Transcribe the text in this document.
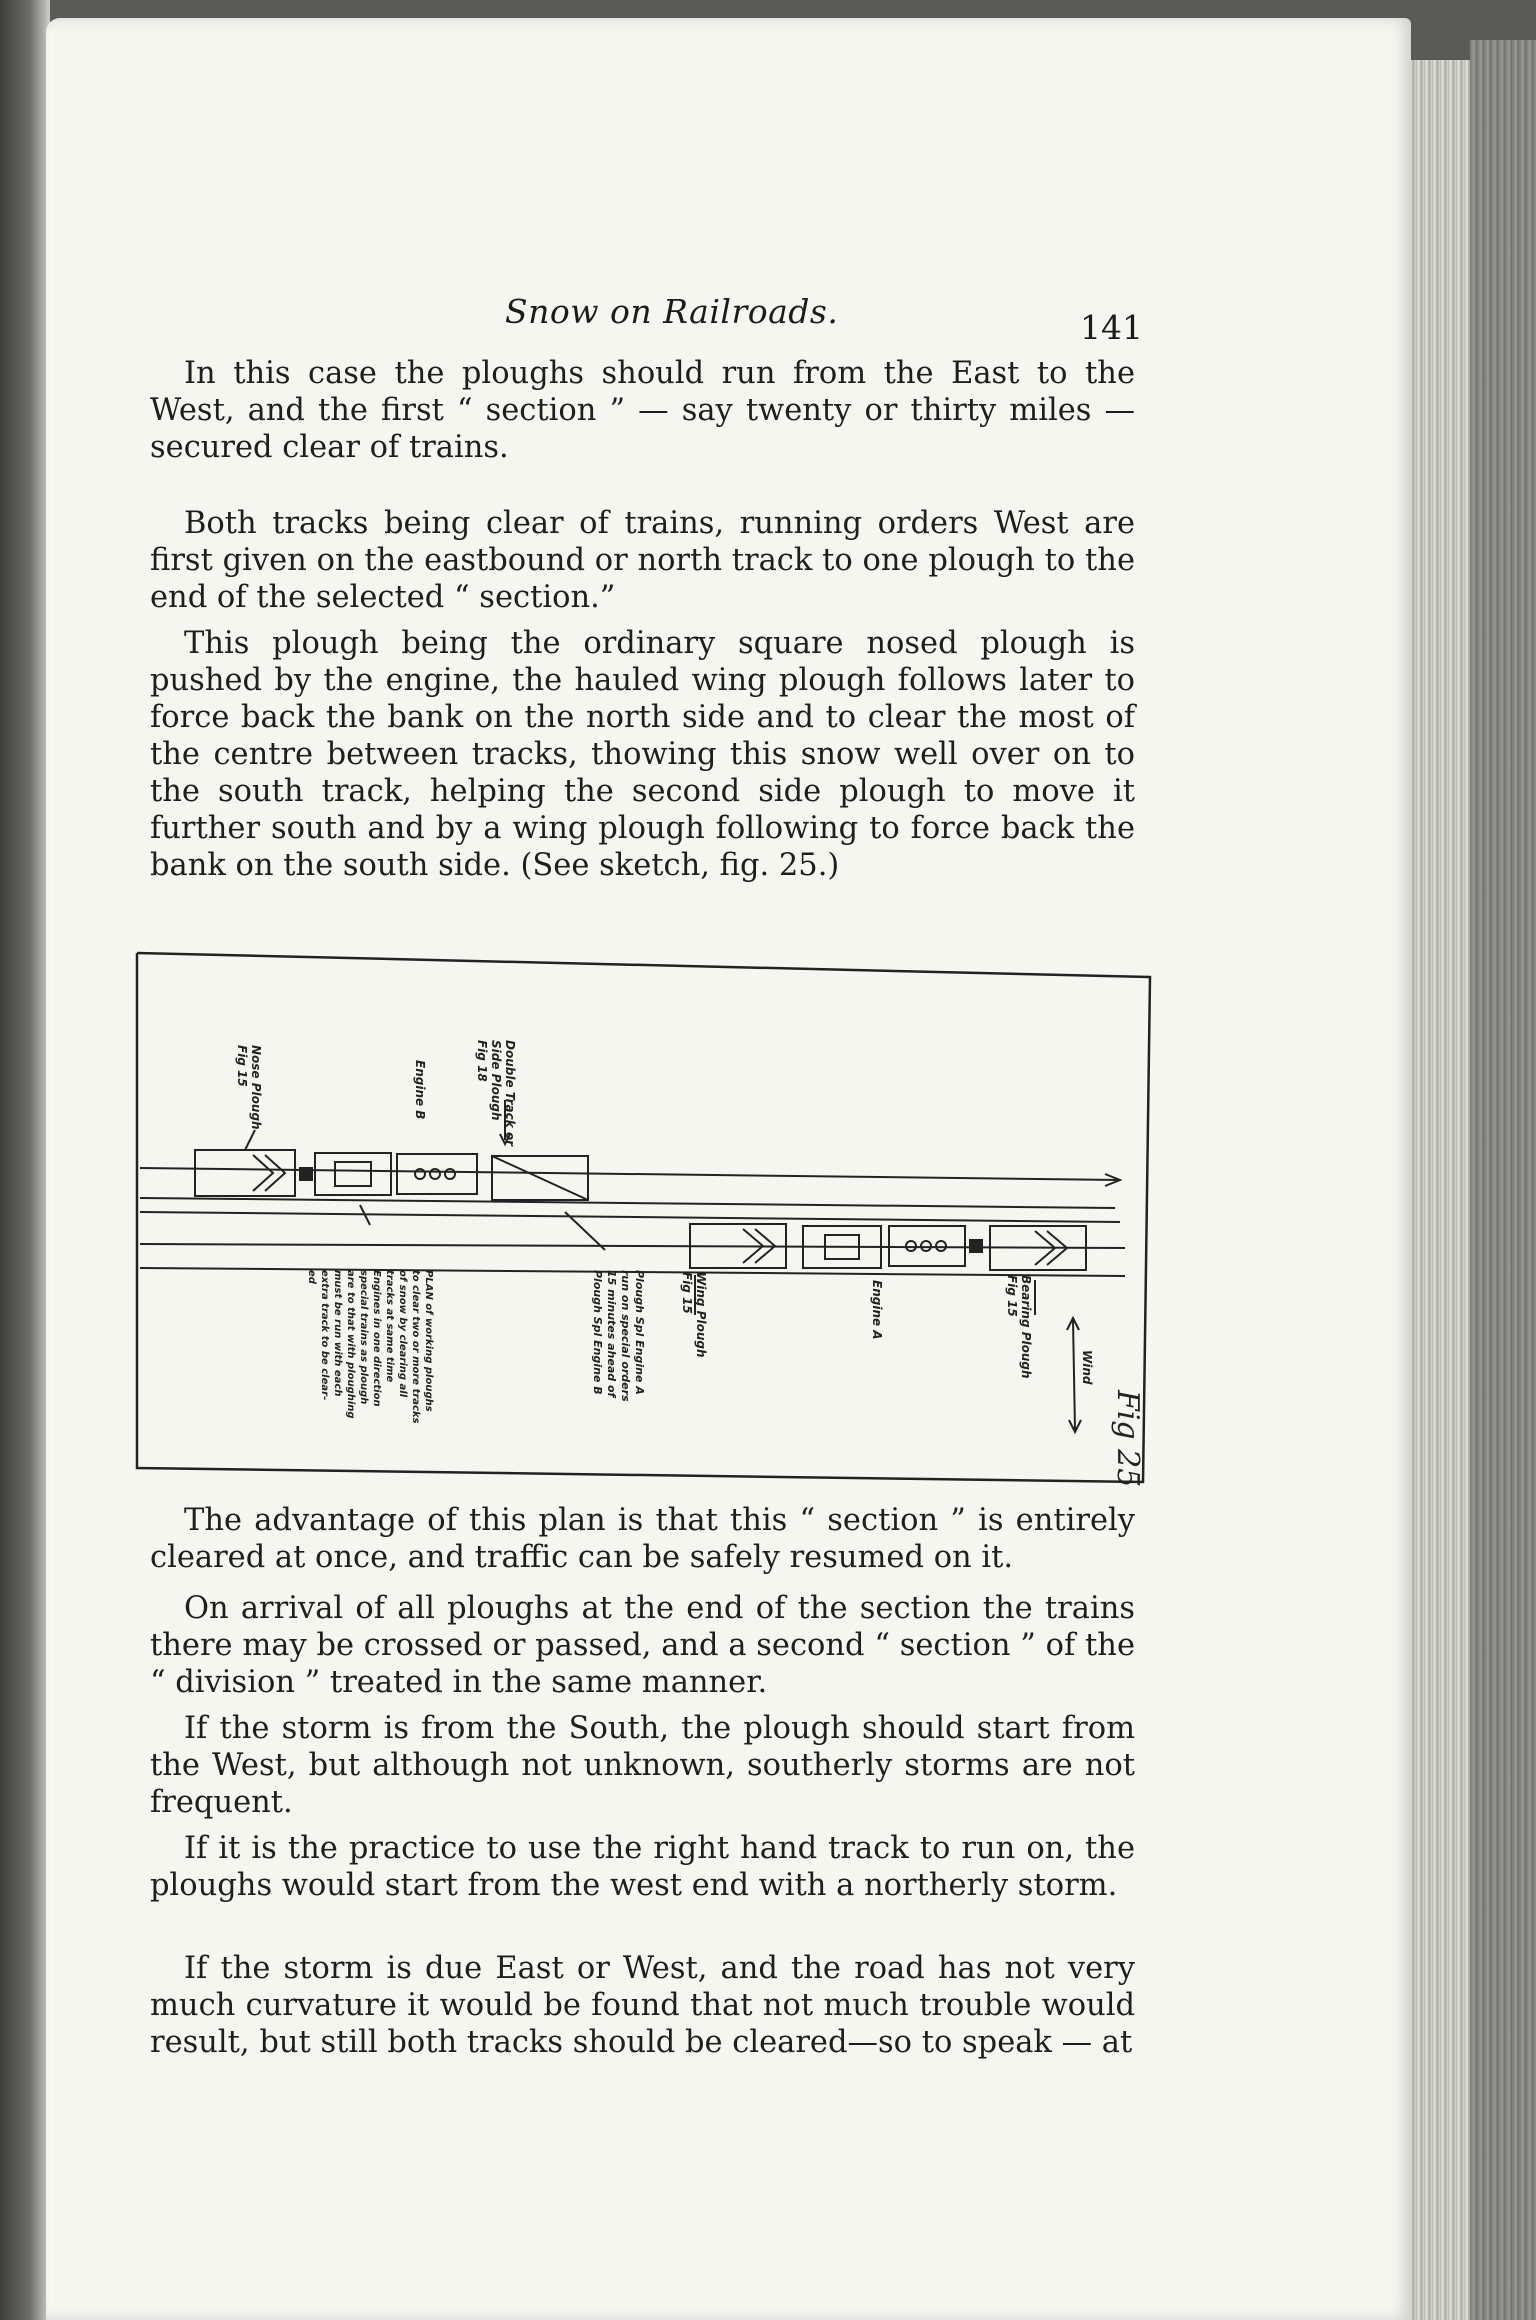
Snow on Railroads.	141

In this case the ploughs should run from the East to the West, and the first “ section ” — say twenty or thirty miles — secured clear of trains.

Both tracks being clear of trains, running orders West are first given on the eastbound or north track to one plough to the end of the selected “ section.”

This plough being the ordinary square nosed plough is pushed by the engine, the hauled wing plough follows later to force back the bank on the north side and to clear the most of the centre between tracks, thowing this snow well over on to the south track, helping the second side plough to move it further south and by a wing plough following to force back the bank on the south side. (See sketch, fig. 25.)

Nose Plough
Fig 15	Engine B	Double Track or
Side Plough
Fig 18
PLAN of working ploughs
to clear two or more tracks
of snow by clearing all
tracks at same time
Engines in one direction
special trains as plough
are to that with ploughing
must be run with each
extra track to be clear-
ed	Plough Spl Engine A
run on special orders
15 minutes ahead of
Plough Spl Engine B
Wing Plough
Fig 15	Engine A	Bearing Plough
Fig 15
Wind
Fig 25

The advantage of this plan is that this “ section ” is entirely cleared at once, and traffic can be safely resumed on it.

On arrival of all ploughs at the end of the section the trains there may be crossed or passed, and a second “ section ” of the “ division ” treated in the same manner.

If the storm is from the South, the plough should start from the West, but although not unknown, southerly storms are not frequent.

If it is the practice to use the right hand track to run on, the ploughs would start from the west end with a northerly storm.

If the storm is due East or West, and the road has not very much curvature it would be found that not much trouble would result, but still both tracks should be cleared—so to speak — at
